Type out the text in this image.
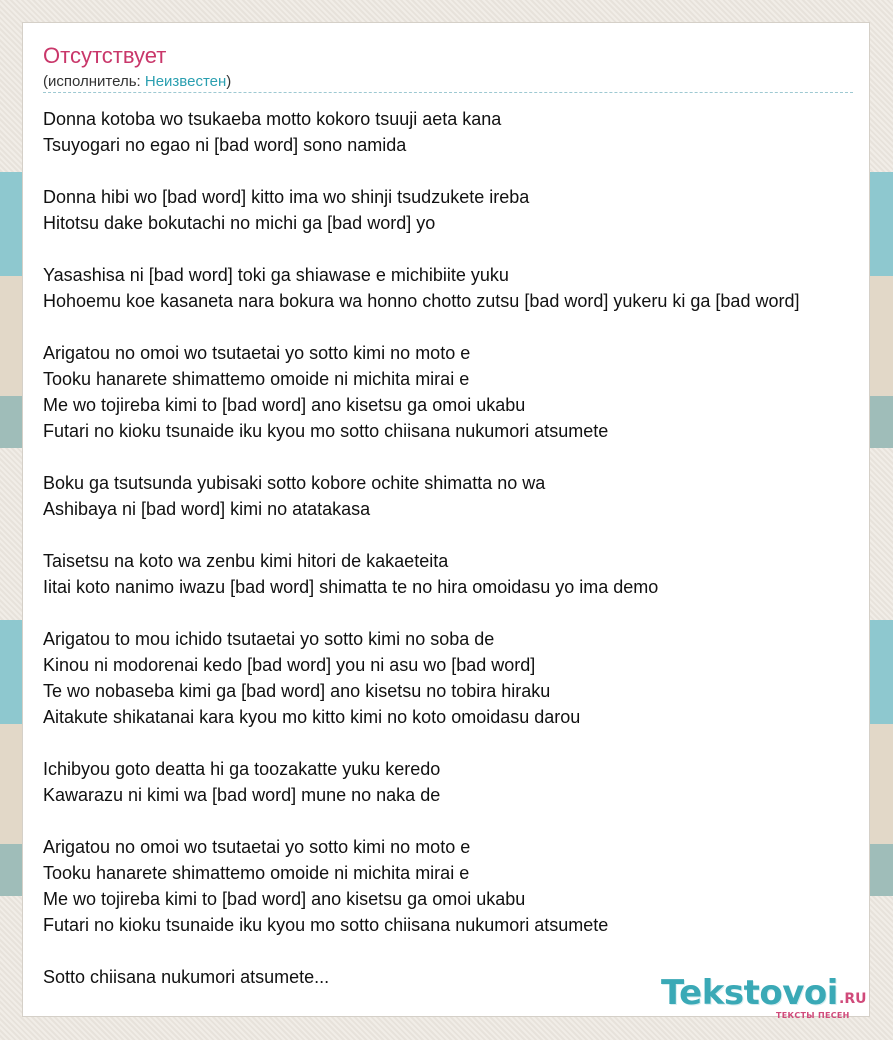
Отсутствует
(исполнитель: Неизвестен)
Donna kotoba wo tsukaeba motto kokoro tsuuji aeta kana
Tsuyogari no egao ni [bad word] sono namida
Donna hibi wo [bad word] kitto ima wo shinji tsudzukete ireba
Hitotsu dake bokutachi no michi ga [bad word] yo
Yasashisa ni [bad word] toki ga shiawase e michibiite yuku
Hohoemu koe kasaneta nara bokura wa honno chotto zutsu [bad word] yukeru ki ga [bad word]
Arigatou no omoi wo tsutaetai yo sotto kimi no moto e
Tooku hanarete shimattemo omoide ni michita mirai e
Me wo tojireba kimi to [bad word] ano kisetsu ga omoi ukabu
Futari no kioku tsunaide iku kyou mo sotto chiisana nukumori atsumete
Boku ga tsutsunda yubisaki sotto kobore ochite shimatta no wa
Ashibaya ni [bad word] kimi no atatakasa
Taisetsu na koto wa zenbu kimi hitori de kakaeteita
Iitai koto nanimo iwazu [bad word] shimatta te no hira omoidasu yo ima demo
Arigatou to mou ichido tsutaetai yo sotto kimi no soba de
Kinou ni modorenai kedo [bad word] you ni asu wo [bad word]
Te wo nobaseba kimi ga [bad word] ano kisetsu no tobira hiraku
Aitakute shikatanai kara kyou mo kitto kimi no koto omoidasu darou
Ichibyou goto deatta hi ga toozakatte yuku keredo
Kawarazu ni kimi wa [bad word] mune no naka de
Arigatou no omoi wo tsutaetai yo sotto kimi no moto e
Tooku hanarete shimattemo omoide ni michita mirai e
Me wo tojireba kimi to [bad word] ano kisetsu ga omoi ukabu
Futari no kioku tsunaide iku kyou mo sotto chiisana nukumori atsumete
Sotto chiisana nukumori atsumete...	Tekstovoi .RU
ТЕКСТЫ ПЕСЕН
